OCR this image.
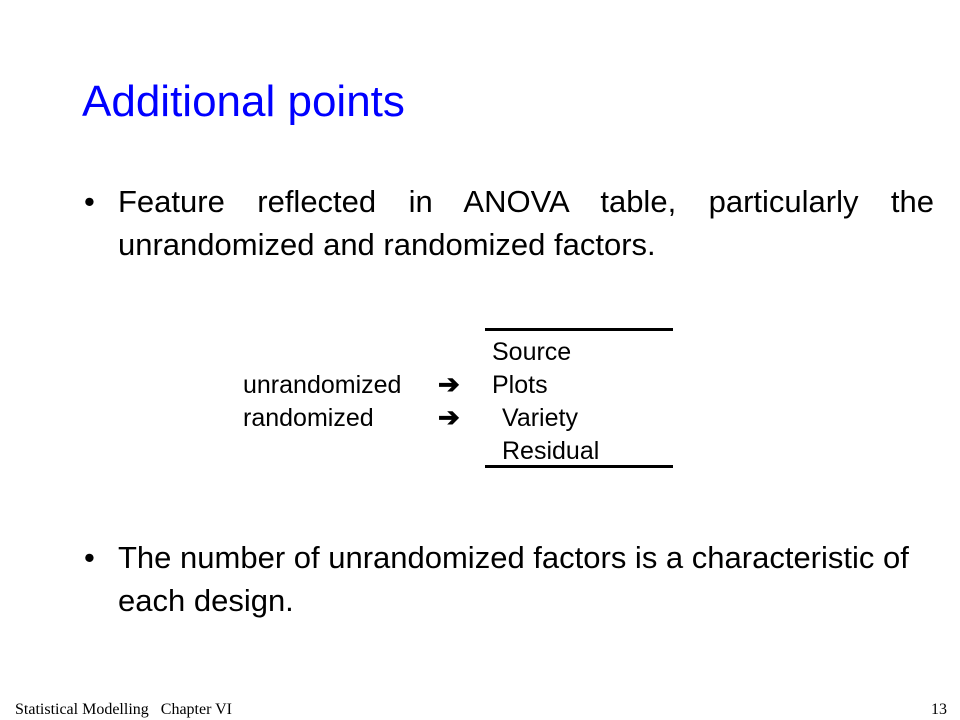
Additional points
• Feature reflected in ANOVA table, particularly the unrandomized and randomized factors.
Source
unrandomized ➔ Plots
randomized ➔ Variety
Residual
• The number of unrandomized factors is a characteristic of each design.
Statistical Modelling   Chapter VI	13
